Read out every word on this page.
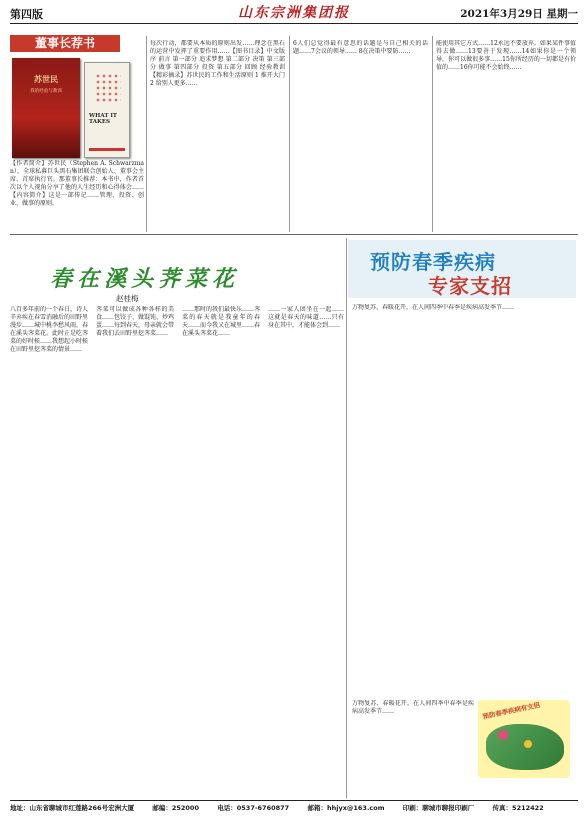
第四版	山东宗洲集团报	2021年3月29日 星期一
董事长荐书
苏世民
我的经验与教训
WHAT IT TAKES
【作者简介】苏世民（Stephen A. Schwarzman），全球私募巨头黑石集团联合创始人、董事会主席、首席执行官。那董事长推荐：本书中，作者首次以个人视角分享了他的人生经历和心得体会……【内容简介】这是一部传记……管理、投资、创业、做事的原则。
每次行动，都要从本质的原则出发……理念在黑石的运营中发挥了重要作用……【图书目录】中文版序 前言 第一部分 追求梦想 第二部分 决策 第三部分 做事 第四部分 投资 第五部分 回顾 经验教训【精彩摘录】苏世民的工作和生活原则 1 推开大门 2 给别人更多……
6人们总觉得最有意思的话题是与自己相关的话题……7会议的领导…… 8在决策中要防……
能使用其它方式……12永远不要放弃。如果某件事值得去做……13要善于发现……14如果你是一个领导，你可以做很多事……15你所经历的一切都是有价值的……16你可能不会始终……
春在溪头荠菜花
赵桂梅
八百多年前的一个春日，诗人辛弃疾在春雪消融后的田野里漫步……城中桃李愁风雨，春在溪头荠菜花。此时正是吃荠菜的好时候……我想起小时候在田野里挖荠菜的情景……
荠菜可以做成各种各样的美食……包饺子、做馄饨、炒鸡蛋……每到春天，母亲就会带着我们去田野里挖荠菜……
……那时的我们最快乐……荠菜的春天就是我童年的春天……而今我又在城里……春在溪头荠菜花……
……一家人团坐在一起……这就是春天的味道……只有身在其中，才能体会到……
预防春季疾病
专家支招
万物复苏、春暖花开，在人间四季中春季是疾病高发季节……
万物复苏、春暖花开，在人间四季中春季是疾病高发季节……	预防春季疾病有支招
地址：山东省聊城市红莲路266号宏洲大厦	邮编：252000	电话：0537-6760877	邮箱：hhjyx@163.com	印刷：聊城市聊报印刷厂	传真：5212422
